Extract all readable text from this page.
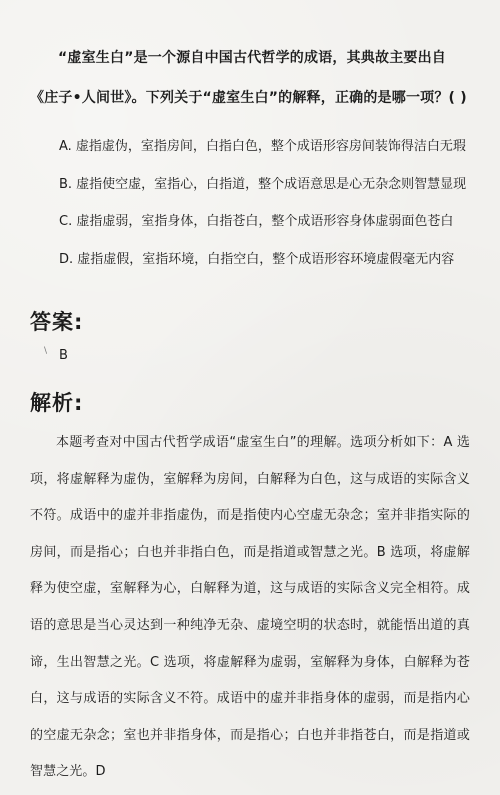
“虚室生白”是一个源自中国古代哲学的成语，其典故主要出自《庄子•人间世》。下列关于“虚室生白”的解释，正确的是哪一项？( )

A. 虚指虚伪，室指房间，白指白色，整个成语形容房间装饰得洁白无瑕
B. 虚指使空虚，室指心，白指道，整个成语意思是心无杂念则智慧显现
C. 虚指虚弱，室指身体，白指苍白，整个成语形容身体虚弱面色苍白
D. 虚指虚假，室指环境，白指空白，整个成语形容环境虚假毫无内容
答案:

\ B

解析:

本题考查对中国古代哲学成语“虚室生白”的理解。选项分析如下：A 选项，将虚解释为虚伪，室解释为房间，白解释为白色，这与成语的实际含义不符。成语中的虚并非指虚伪，而是指使内心空虚无杂念；室并非指实际的房间，而是指心；白也并非指白色，而是指道或智慧之光。B 选项，将虚解释为使空虚，室解释为心，白解释为道，这与成语的实际含义完全相符。成语的意思是当心灵达到一种纯净无杂、虚境空明的状态时，就能悟出道的真谛，生出智慧之光。C 选项，将虚解释为虚弱，室解释为身体，白解释为苍白，这与成语的实际含义不符。成语中的虚并非指身体的虚弱，而是指内心的空虚无杂念；室也并非指身体，而是指心；白也并非指苍白，而是指道或智慧之光。D
